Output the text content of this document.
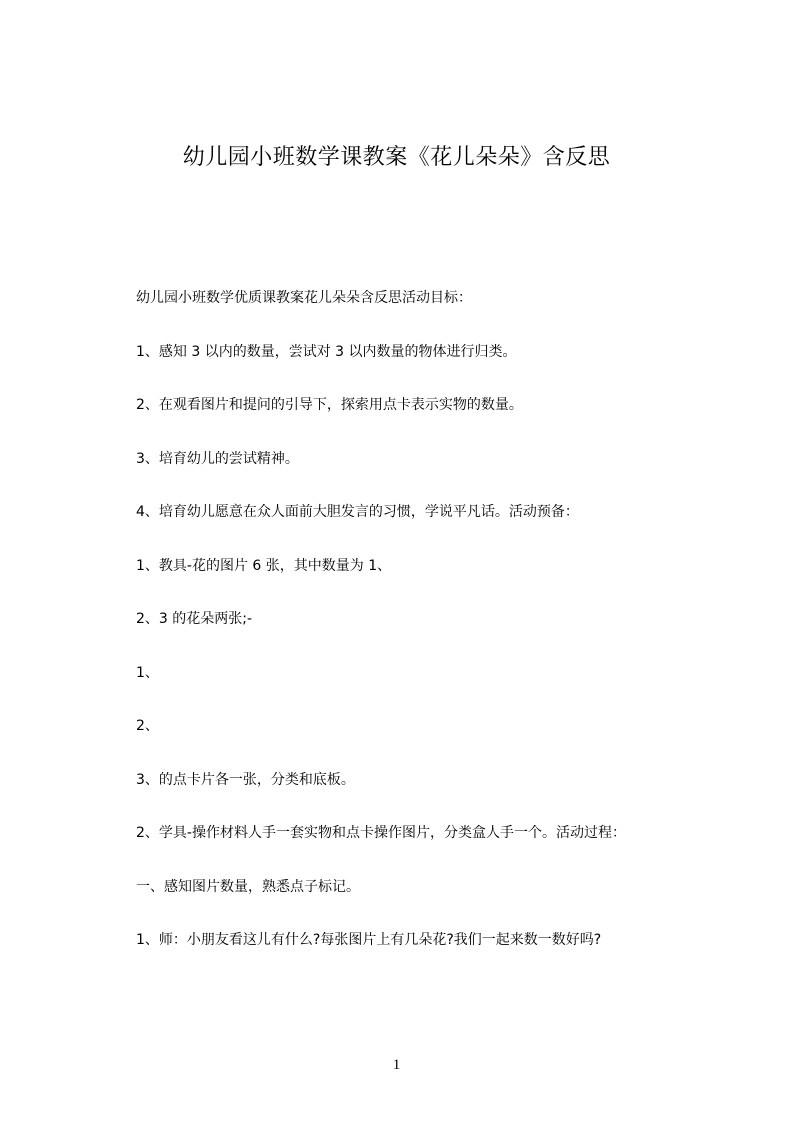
幼儿园小班数学课教案《花儿朵朵》含反思
幼儿园小班数学优质课教案花儿朵朵含反思活动目标：
1、感知 3 以内的数量，尝试对 3 以内数量的物体进行归类。
2、在观看图片和提问的引导下，探索用点卡表示实物的数量。
3、培育幼儿的尝试精神。
4、培育幼儿愿意在众人面前大胆发言的习惯，学说平凡话。活动预备：
1、教具-花的图片 6 张，其中数量为 1、
2、3 的花朵两张;-
1、
2、
3、的点卡片各一张，分类和底板。
2、学具-操作材料人手一套实物和点卡操作图片，分类盒人手一个。活动过程：
一、感知图片数量，熟悉点子标记。
1、师：小朋友看这儿有什么?每张图片上有几朵花?我们一起来数一数好吗?
1
